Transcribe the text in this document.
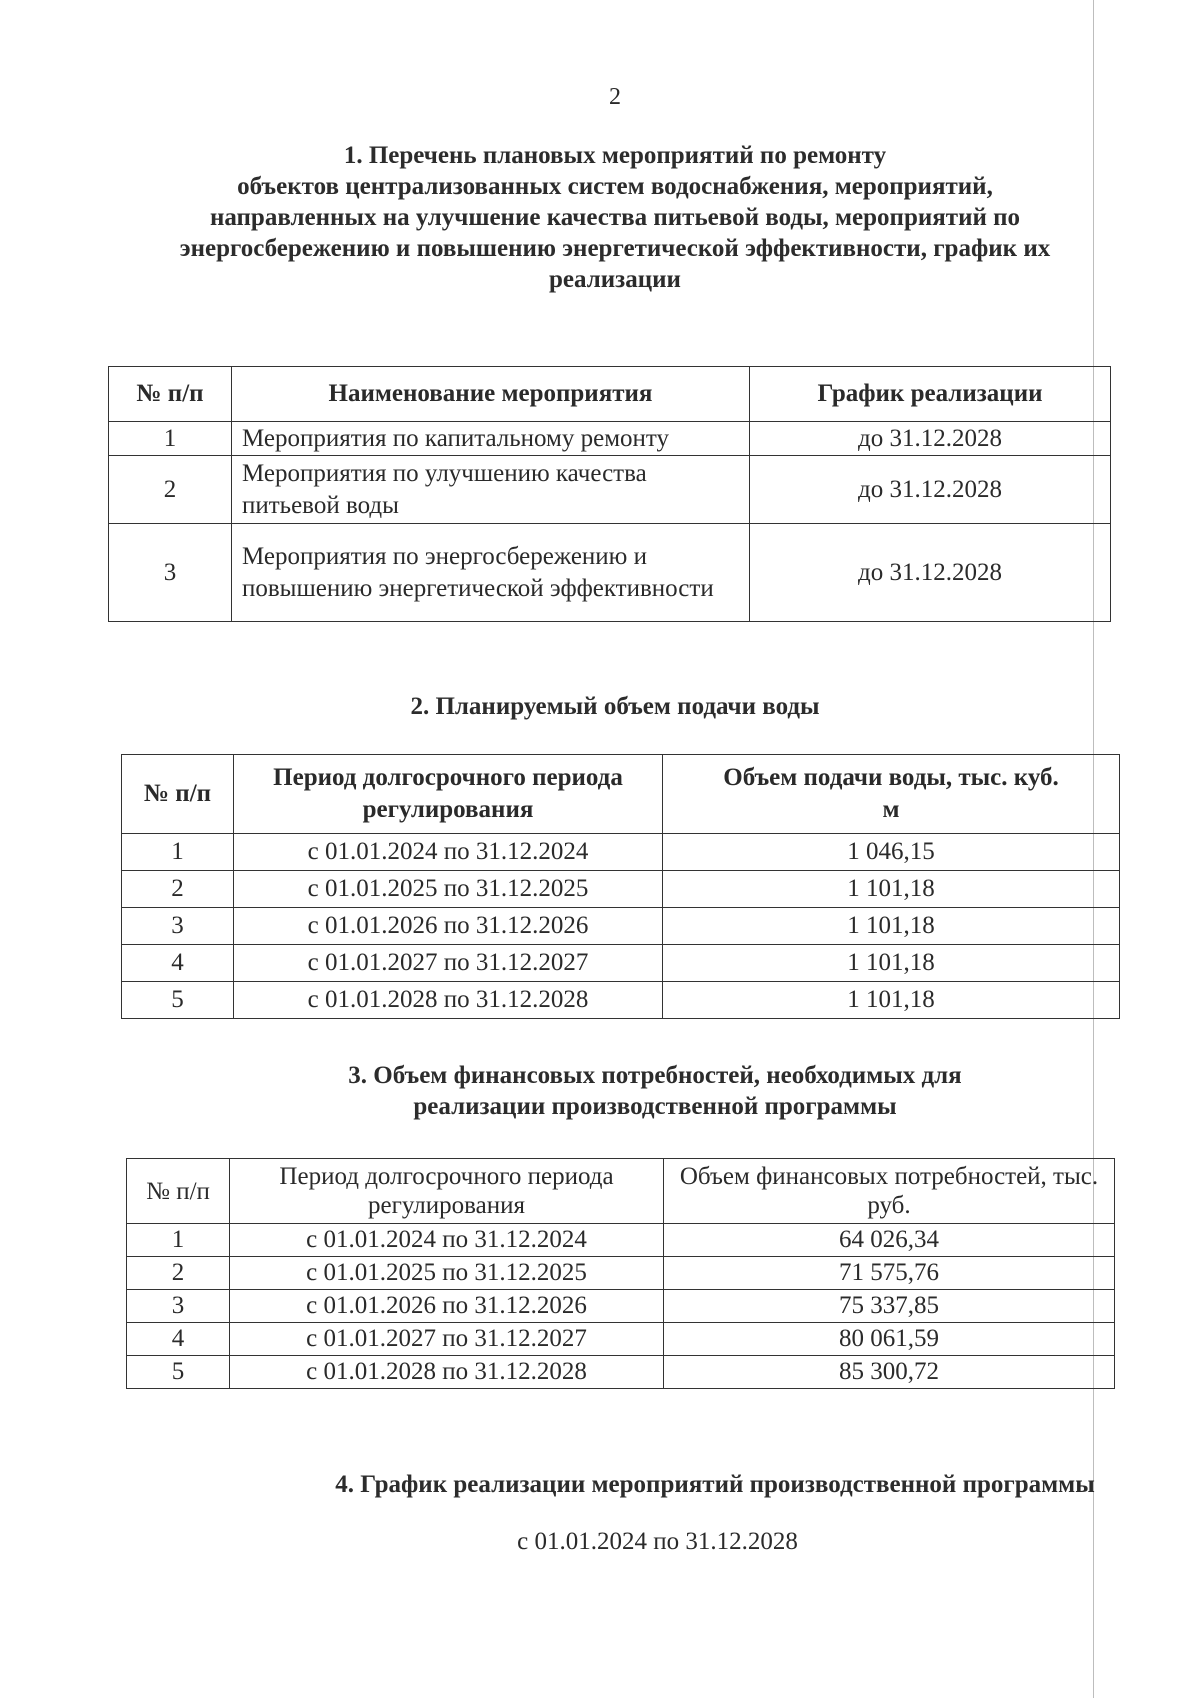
2
1. Перечень плановых мероприятий по ремонту
объектов централизованных систем водоснабжения, мероприятий,
направленных на улучшение качества питьевой воды, мероприятий по
энергосбережению и повышению энергетической эффективности, график их
реализации
№ п/п	Наименование мероприятия	График реализации
1	Мероприятия по капитальному ремонту	до 31.12.2028
2	Мероприятия по улучшению качества питьевой воды	до 31.12.2028
3	Мероприятия по энергосбережению и повышению энергетической эффективности	до 31.12.2028
2. Планируемый объем подачи воды
№ п/п	Период долгосрочного периода регулирования	Объем подачи воды, тыс. куб. м
1	с 01.01.2024 по 31.12.2024	1 046,15
2	с 01.01.2025 по 31.12.2025	1 101,18
3	с 01.01.2026 по 31.12.2026	1 101,18
4	с 01.01.2027 по 31.12.2027	1 101,18
5	с 01.01.2028 по 31.12.2028	1 101,18
3. Объем финансовых потребностей, необходимых для
реализации производственной программы
№ п/п	Период долгосрочного периода регулирования	Объем финансовых потребностей, тыс. руб.
1	с 01.01.2024 по 31.12.2024	64 026,34
2	с 01.01.2025 по 31.12.2025	71 575,76
3	с 01.01.2026 по 31.12.2026	75 337,85
4	с 01.01.2027 по 31.12.2027	80 061,59
5	с 01.01.2028 по 31.12.2028	85 300,72
4. График реализации мероприятий производственной программы
с 01.01.2024 по 31.12.2028
